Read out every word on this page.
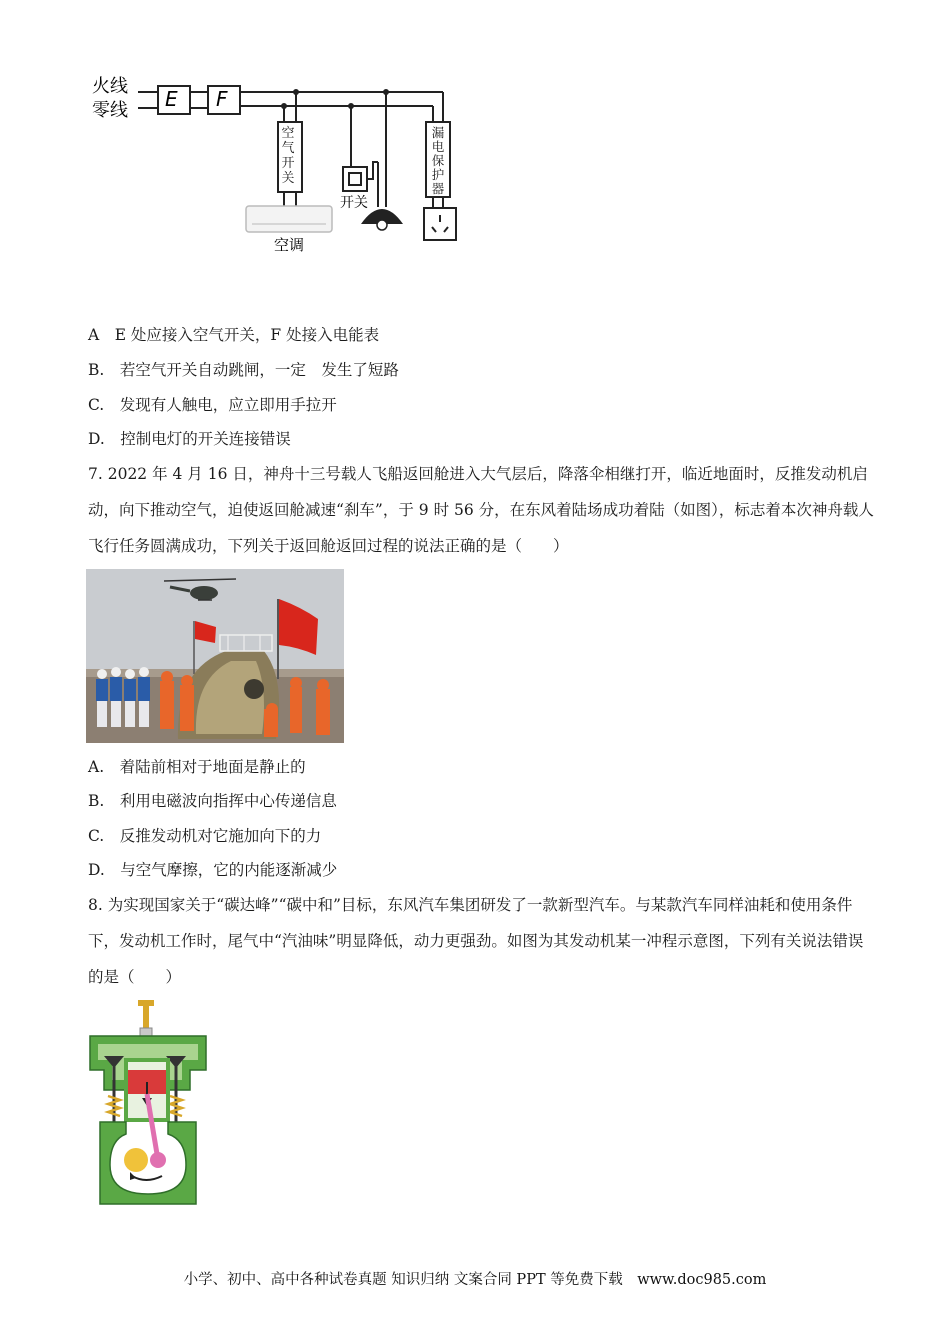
火线
零线 E F
开关
空调
空气开关
漏电保护器
A　E 处应接入空气开关，F 处接入电能表
B.　若空气开关自动跳闸，一定　发生了短路
C.　发现有人触电，应立即用手拉开
D.　控制电灯的开关连接错误
7. 2022 年 4 月 16 日，神舟十三号载人飞船返回舱进入大气层后，降落伞相继打开，临近地面时，反推发动机启动，向下推动空气，迫使返回舱减速“刹车”，于 9 时 56 分，在东风着陆场成功着陆（如图），标志着本次神舟载人飞行任务圆满成功，下列关于返回舱返回过程的说法正确的是（　　）
A.　着陆前相对于地面是静止的
B.　利用电磁波向指挥中心传递信息
C.　反推发动机对它施加向下的力
D.　与空气摩擦，它的内能逐渐减少
8. 为实现国家关于“碳达峰”“碳中和”目标，东风汽车集团研发了一款新型汽车。与某款汽车同样油耗和使用条件下，发动机工作时，尾气中“汽油味”明显降低，动力更强劲。如图为其发动机某一冲程示意图，下列有关说法错误的是（　　）
小学、初中、高中各种试卷真题 知识归纳 文案合同 PPT 等免费下载　www.doc985.com
